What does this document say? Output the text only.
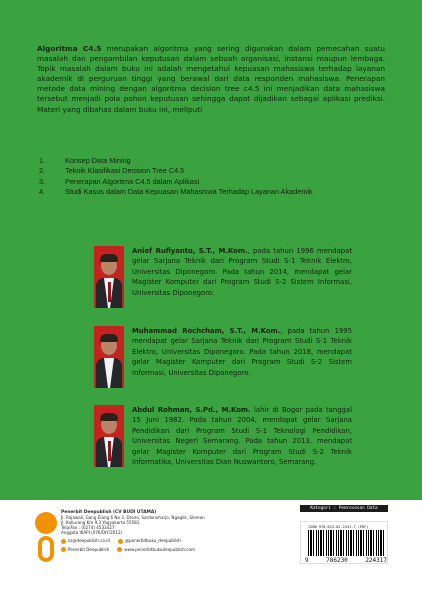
Algoritma C4.5 merupakan algoritma yang sering digunakan dalam pemecahan suatu masalah dan pengambilan keputusan dalam sebuah organisasi, instansi maupun lembaga. Topik masalah dalam buku ini adalah mengetahui kepuasan mahasiswa terhadap layanan akademik di perguruan tinggi yang berawal dari data responden mahasiswa. Penerapan metode data mining dengan algoritma decision tree c4.5 ini menjadikan data mahasiswa tersebut menjadi pola pohon keputusan sehingga dapat dijadikan sebagai aplikasi prediksi. Materi yang dibahas dalam buku ini, meliputi

1.	Konsep Data Mining
2.	Teknik Klasifikasi Decision Tree C4.5
3.	Penerapan Algoritma C4.5 dalam Aplikasi
4.	Studi Kasus dalam Data Kepuasan Mahasiswa Terhadap Layanan Akademik

Anief Rufiyanto, S.T., M.Kom., pada tahun 1996 mendapat gelar Sarjana Teknik dari Program Studi S-1 Teknik Elektro, Universitas Diponegoro. Pada tahun 2014, mendapat gelar Magister Komputer dari Program Studi S-2 Sistem Informasi, Universitas Diponegoro.

Muhammad Rochcham, S.T., M.Kom., pada tahun 1995 mendapat gelar Sarjana Teknik dari Program Studi S-1 Teknik Elektro, Universitas Diponegoro. Pada tahun 2018, mendapat gelar Magister Komputer dari Program Studi S-2 Sistem Informasi, Universitas Diponegoro.

Abdul Rohman, S.Pd., M.Kom. lahir di Bogor pada tanggal 15 Juni 1982. Pada tahun 2004, mendapat gelar Sarjana Pendidikan dari Program Studi S-1 Teknologi Pendidikan, Universitas Negeri Semarang. Pada tahun 2013, mendapat gelar Magister Komputer dari Program Studi S-2 Teknik Informatika, Universitas Dian Nuswantoro, Semarang.

Penerbit Deepublish (CV BUDI UTAMA)
Jl. Rajawali, Gang Elang 6 No 3, Drono, Sardonoharjo, Ngaglik, Sleman
Jl. Kaliurang Km 9,3 Yogyakarta 55581
Telp/Fax : (0274) 4533427
Anggota IKAPI (076/DIY/2012)
cs@deepublish.co.id	@penerbitbuku_deepublish
Penerbit Deepublish	www.penerbitbukudeepublish.com
Kategori : Pemrosesan Data
ISBN 978-623-02-2431-7 (PDF)
9	786230	224317
